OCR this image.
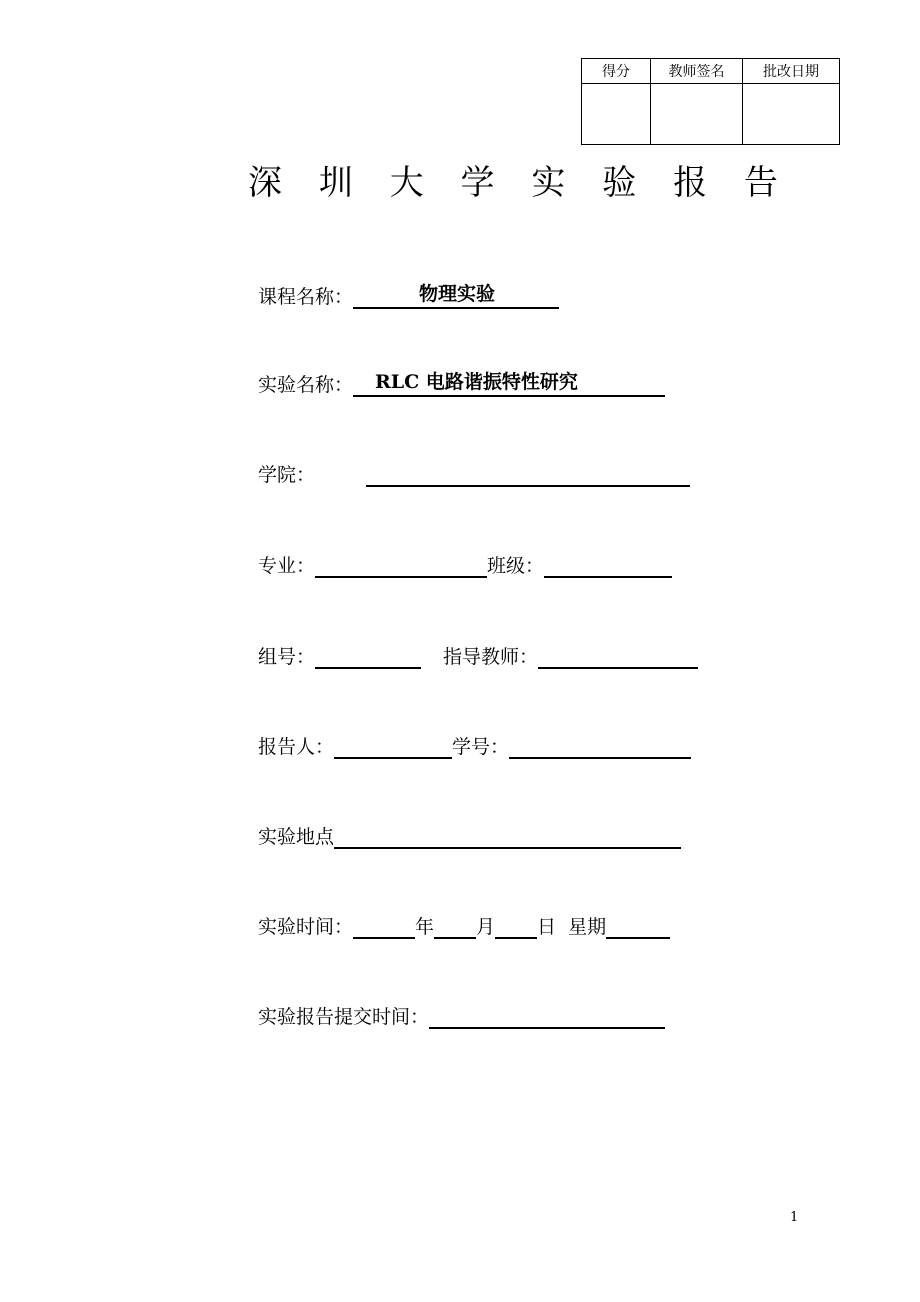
得分	教师签名	批改日期

深 圳 大 学 实 验 报 告
课程名称：	物理实验
实验名称： RLC 电路谐振特性研究
学院：
专业：	班级：
组号：	指导教师：
报告人：	学号：
实验地点
实验时间：	年 月 日 星期
实验报告提交时间：
1
